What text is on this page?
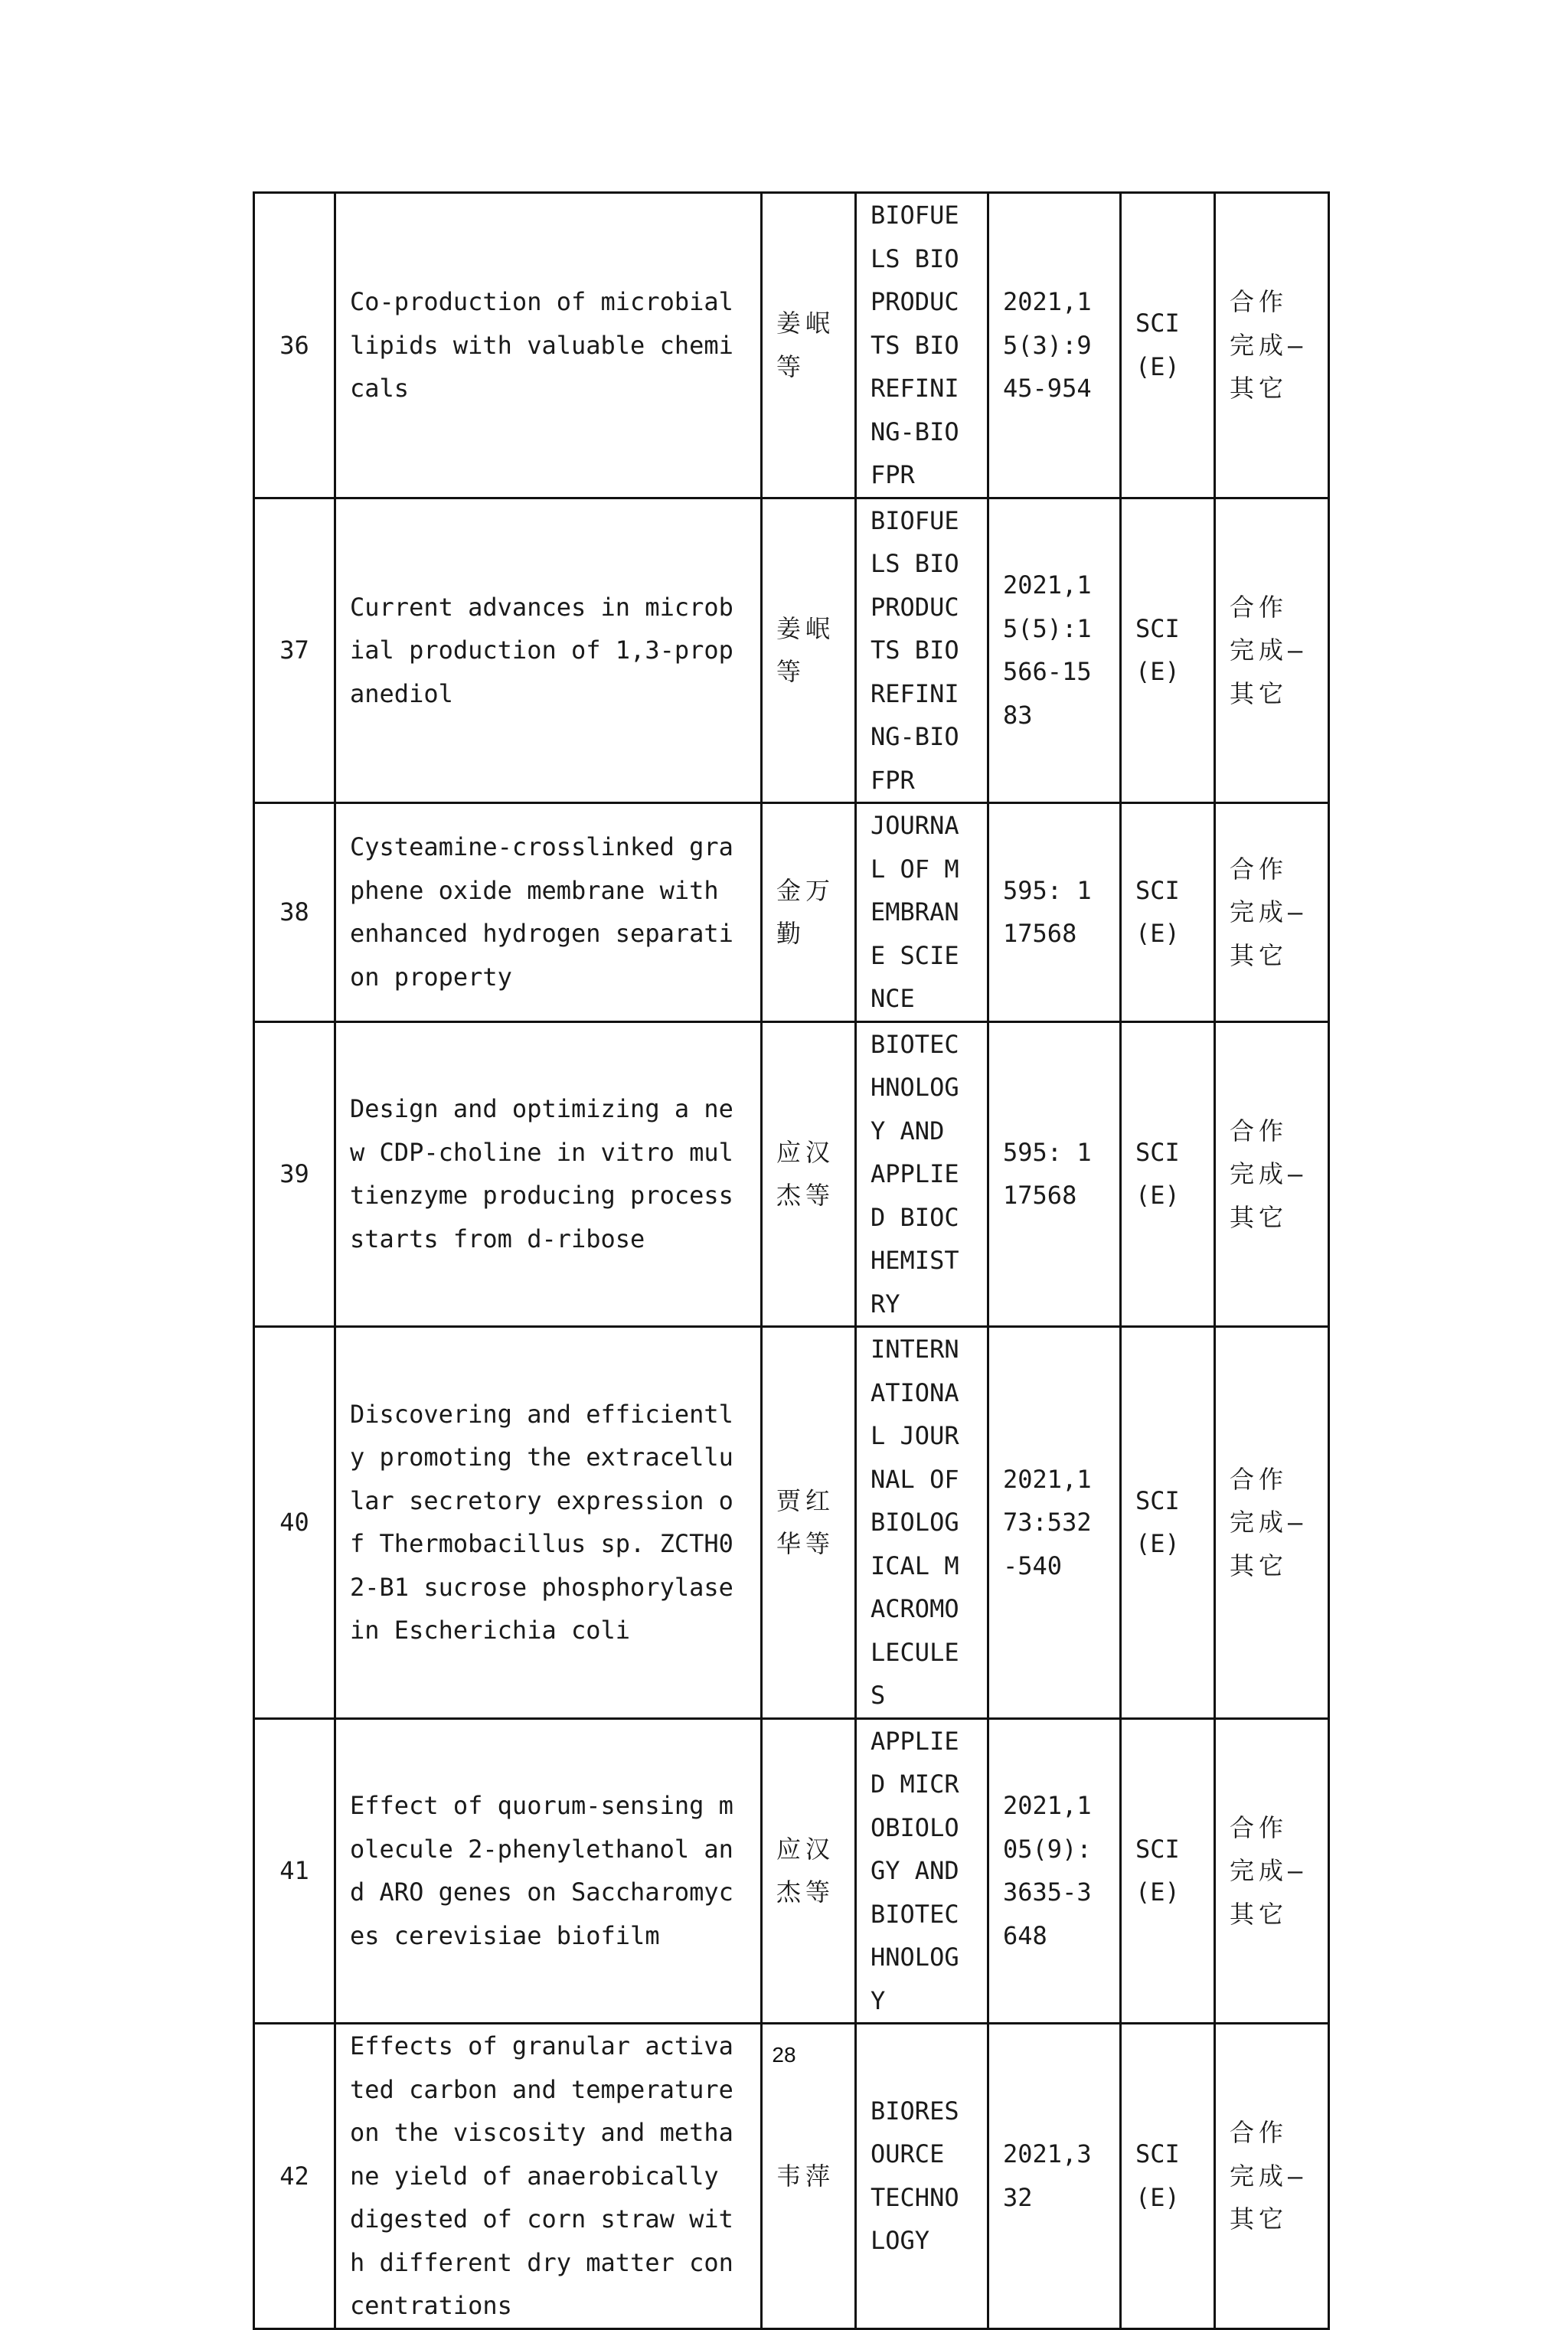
36	Co-production of microbial lipids with valuable chemicals	姜岷等	BIOFUELS BIOPRODUCTS BIOREFINING-BIOFPR	2021,15(3):945-954	SCI(E)	合作完成—其它
37	Current advances in microbial production of 1,3-propanediol	姜岷等	BIOFUELS BIOPRODUCTS BIOREFINING-BIOFPR	2021,15(5):1566-1583	SCI(E)	合作完成—其它
38	Cysteamine-crosslinked graphene oxide membrane with enhanced hydrogen separation property	金万勤	JOURNAL OF MEMBRANE SCIENCE	595: 117568	SCI(E)	合作完成—其它
39	Design and optimizing a new CDP-choline in vitro multienzyme producing process starts from d-ribose	应汉杰等	BIOTECHNOLOGY AND APPLIED BIOCHEMISTRY	595: 117568	SCI(E)	合作完成—其它
40	Discovering and efficiently promoting the extracellular secretory expression of Thermobacillus sp. ZCTH02-B1 sucrose phosphorylase in Escherichia coli	贾红华等	INTERNATIONAL JOURNAL OF BIOLOGICAL MACROMOLECULES	2021,173:532-540	SCI(E)	合作完成—其它
41	Effect of quorum-sensing molecule 2-phenylethanol and ARO genes on Saccharomyces cerevisiae biofilm	应汉杰等	APPLIED MICROBIOLOGY AND BIOTECHNOLOGY	2021,105(9):3635-3648	SCI(E)	合作完成—其它
42	Effects of granular activated carbon and temperature on the viscosity and methane yield of anaerobically digested of corn straw with different dry matter concentrations	韦萍	BIORESOURCE TECHNOLOGY	2021,332	SCI(E)	合作完成—其它
28
